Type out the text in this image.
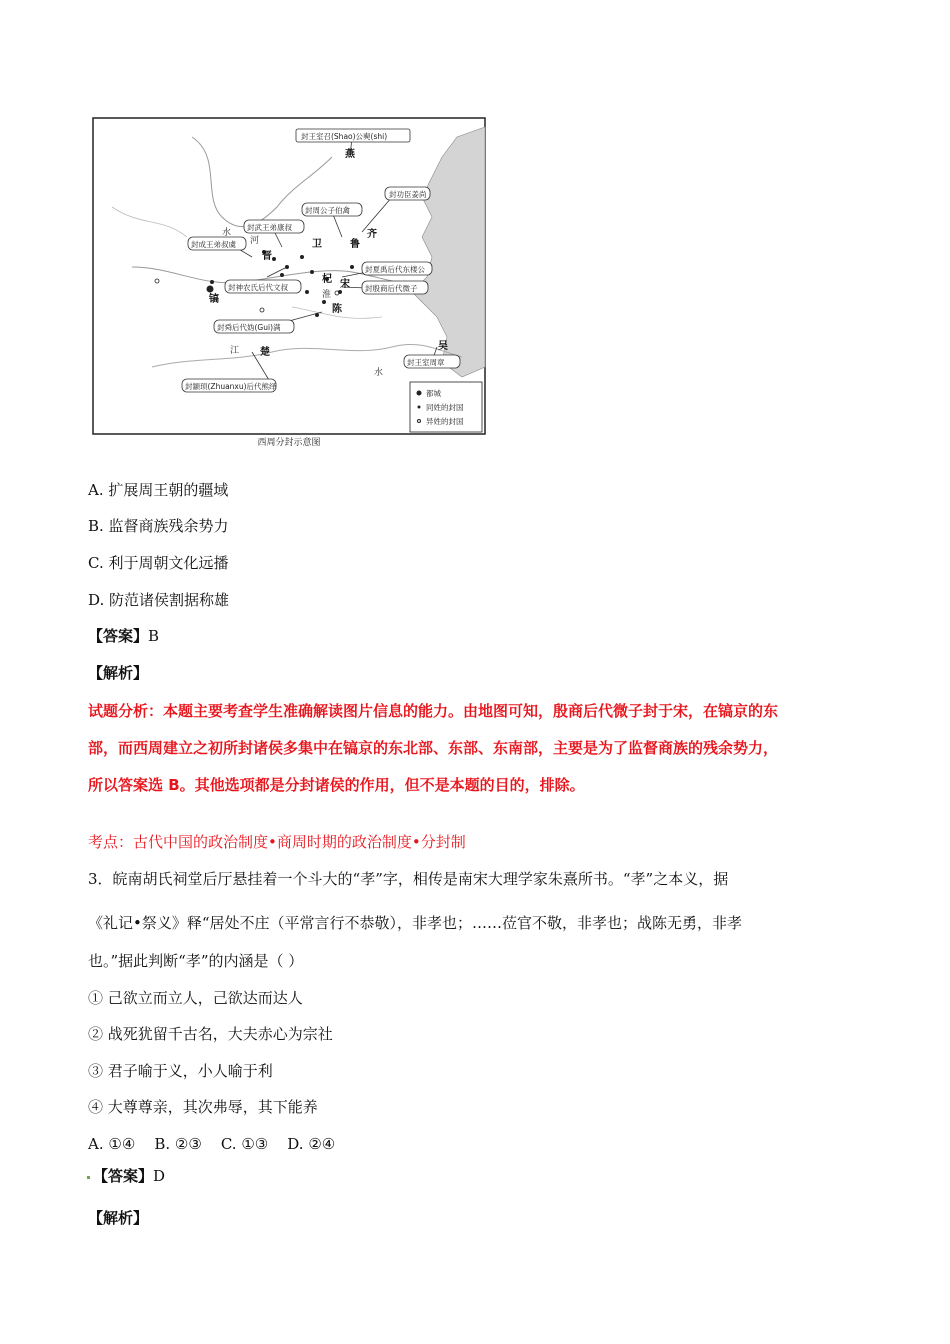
封王室召(Shao)公奭(shi)
封功臣姜尚
封周公子伯禽
封武王弟康叔
封成王弟叔虞
封神农氏后代文叔
封夏禹后代东楼公
封殷商后代微子
封舜后代妫(Gui)满
封王室周章
封颛顼(Zhuanxu)后代熊绎
都城
同姓的封国
异姓的封国
燕
齐
晋
卫	鲁
杞 宋
陈
镐
楚
吴
水
河
江
淮
水
西周分封示意图
A. 扩展周王朝的疆域
B. 监督商族残余势力
C. 利于周朝文化远播
D. 防范诸侯割据称雄
【答案】B
【解析】
试题分析：本题主要考查学生准确解读图片信息的能力。由地图可知，殷商后代微子封于宋，在镐京的东
部，而西周建立之初所封诸侯多集中在镐京的东北部、东部、东南部，主要是为了监督商族的残余势力，
所以答案选 B。其他选项都是分封诸侯的作用，但不是本题的目的，排除。
考点：古代中国的政治制度•商周时期的政治制度•分封制
3．皖南胡氏祠堂后厅悬挂着一个斗大的“孝”字，相传是南宋大理学家朱熹所书。“孝”之本义，据
《礼记•祭义》释“居处不庄（平常言行不恭敬），非孝也；……莅官不敬，非孝也；战陈无勇，非孝
也。”据此判断“孝”的内涵是（ ）
① 己欲立而立人，己欲达而达人
② 战死犹留千古名，大夫赤心为宗社
③ 君子喻于义，小人喻于利
④ 大尊尊亲，其次弗辱，其下能养
A. ①④    B. ②③    C. ①③    D. ②④
【答案】D
【解析】
